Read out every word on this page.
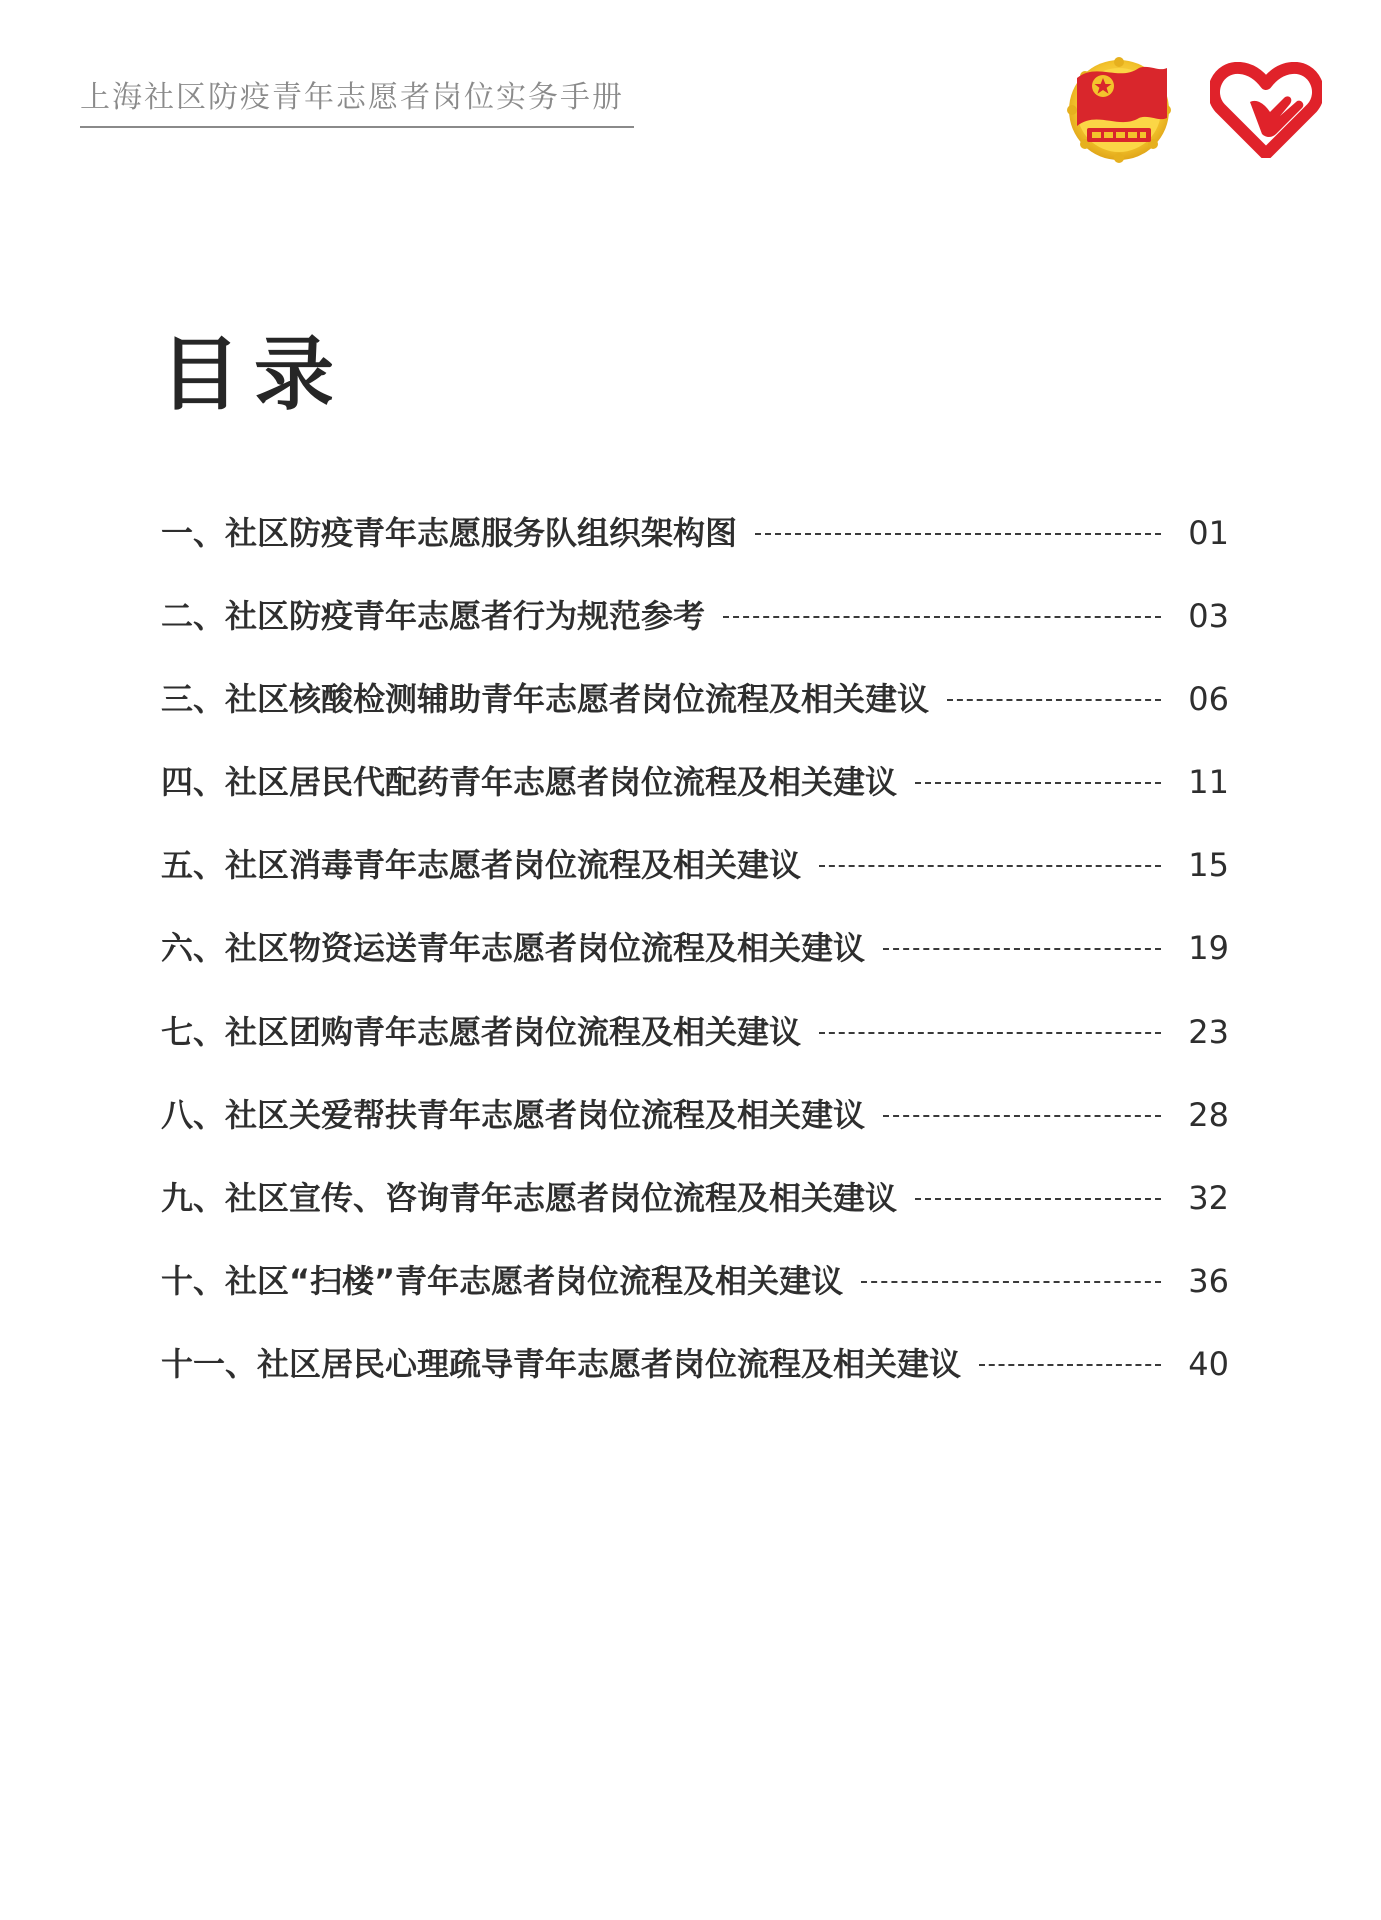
上海社区防疫青年志愿者岗位实务手册
目录
一、社区防疫青年志愿服务队组织架构图	01
二、社区防疫青年志愿者行为规范参考	03
三、社区核酸检测辅助青年志愿者岗位流程及相关建议	06
四、社区居民代配药青年志愿者岗位流程及相关建议	11
五、社区消毒青年志愿者岗位流程及相关建议	15
六、社区物资运送青年志愿者岗位流程及相关建议	19
七、社区团购青年志愿者岗位流程及相关建议	23
八、社区关爱帮扶青年志愿者岗位流程及相关建议	28
九、社区宣传、咨询青年志愿者岗位流程及相关建议	32
十、社区“扫楼”青年志愿者岗位流程及相关建议	36
十一、社区居民心理疏导青年志愿者岗位流程及相关建议	40
